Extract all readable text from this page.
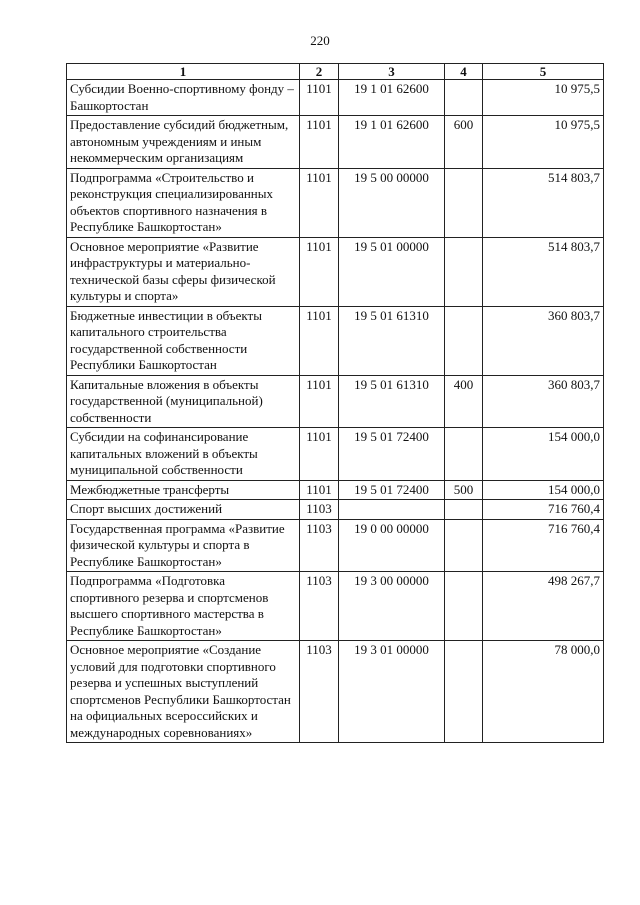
220
1	2	3	4	5
Субсидии Военно-спортивному фонду – Башкортостан	1101	19 1 01 62600		10 975,5
Предоставление субсидий бюджетным, автономным учреждениям и иным некоммерческим организациям	1101	19 1 01 62600	600	10 975,5
Подпрограмма «Строительство и реконструкция специализированных объектов спортивного назначения в Республике Башкортостан»	1101	19 5 00 00000		514 803,7
Основное мероприятие «Развитие инфраструктуры и материально-технической базы сферы физической культуры и спорта»	1101	19 5 01 00000		514 803,7
Бюджетные инвестиции в объекты капитального строительства государственной собственности Республики Башкортостан	1101	19 5 01 61310		360 803,7
Капитальные вложения в объекты государственной (муниципальной) собственности	1101	19 5 01 61310	400	360 803,7
Субсидии на софинансирование капитальных вложений в объекты муниципальной собственности	1101	19 5 01 72400		154 000,0
Межбюджетные трансферты	1101	19 5 01 72400	500	154 000,0
Спорт высших достижений	1103			716 760,4
Государственная программа «Развитие физической культуры и спорта в Республике Башкортостан»	1103	19 0 00 00000		716 760,4
Подпрограмма «Подготовка спортивного резерва и спортсменов высшего спортивного мастерства в Республике Башкортостан»	1103	19 3 00 00000		498 267,7
Основное мероприятие «Создание условий для подготовки спортивного резерва и успешных выступлений спортсменов Республики Башкортостан на официальных всероссийских и международных соревнованиях»	1103	19 3 01 00000		78 000,0
